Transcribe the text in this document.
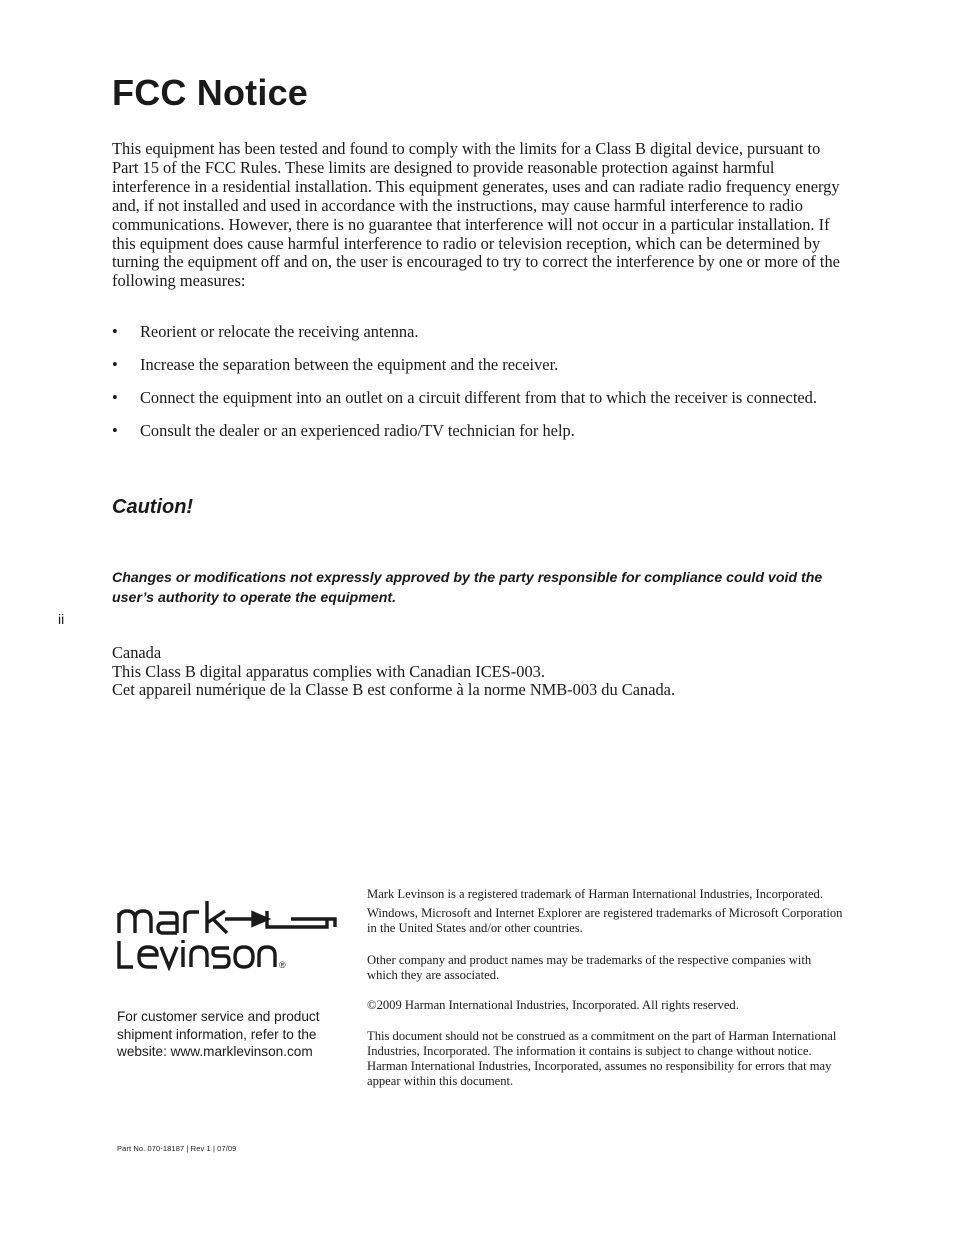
FCC Notice

This equipment has been tested and found to comply with the limits for a Class B digital device, pursuant to Part 15 of the FCC Rules. These limits are designed to provide reasonable protection against harmful interference in a residential installation. This equipment generates, uses and can radiate radio frequency energy and, if not installed and used in accordance with the instructions, may cause harmful interference to radio communications. However, there is no guarantee that interference will not occur in a particular installation. If this equipment does cause harmful interference to radio or television reception, which can be determined by turning the equipment off and on, the user is encouraged to try to correct the interference by one or more of the following measures:

• Reorient or relocate the receiving antenna.
• Increase the separation between the equipment and the receiver.
• Connect the equipment into an outlet on a circuit different from that to which the receiver is connected.
• Consult the dealer or an experienced radio/TV technician for help.
Caution!

Changes or modifications not expressly approved by the party responsible for compliance could void the user’s authority to operate the equipment.

ii
Canada
This Class B digital apparatus complies with Canadian ICES-003.
Cet appareil numérique de la Classe B est conforme à la norme NMB-003 du Canada.
®

For customer service and product shipment information, refer to the website: www.marklevinson.com

Mark Levinson is a registered trademark of Harman International Industries, Incorporated.

Windows, Microsoft and Internet Explorer are registered trademarks of Microsoft Corporation in the United States and/or other countries.

Other company and product names may be trademarks of the respective companies with which they are associated.

©2009 Harman International Industries, Incorporated. All rights reserved.

This document should not be construed as a commitment on the part of Harman International Industries, Incorporated. The information it contains is subject to change without notice. Harman International Industries, Incorporated, assumes no responsibility for errors that may appear within this document.

Part No. 070-18187 | Rev 1 | 07/09
